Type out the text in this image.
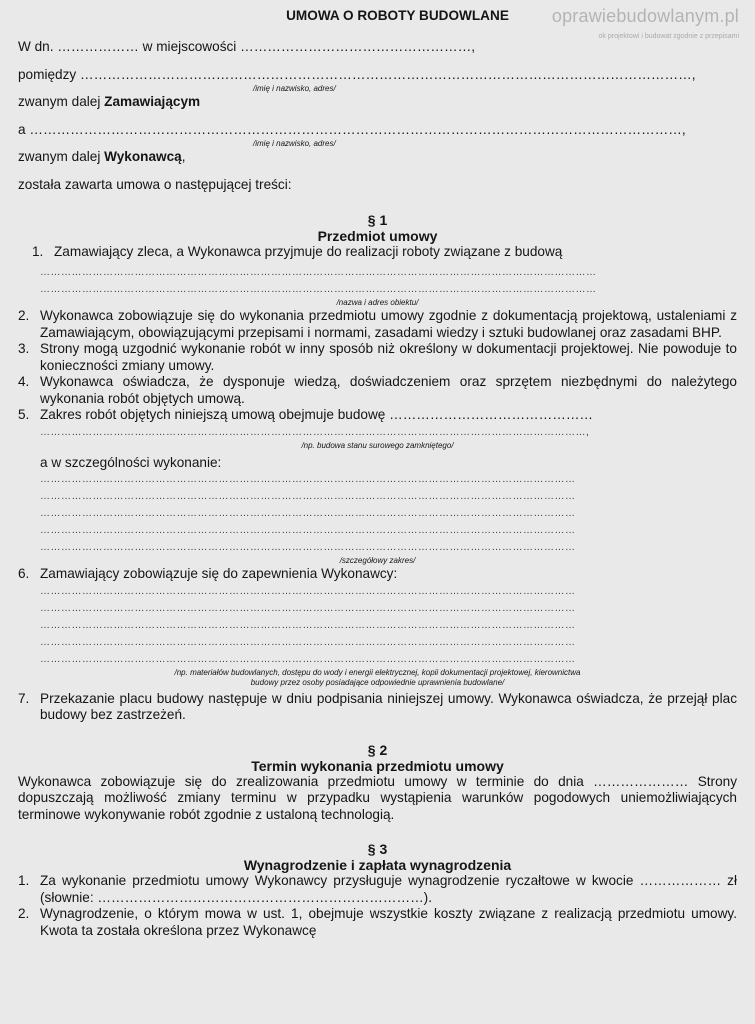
oprawiebudowlanym.pl
ok projektowi i budowat zgodnie z przepisami
UMOWA O ROBOTY BUDOWLANE
W dn. ……………… w miejscowości ……………………………………………,
pomiędzy ………………………………………………………………………………………………………………………,
/imię i nazwisko, adres/
zwanym dalej Zamawiającym
a ………………………………………………………………………………………………………………………………,
/imię i nazwisko, adres/
zwanym dalej Wykonawcą,
została zawarta umowa o następującej treści:
§ 1
Przedmiot umowy
1. Zamawiający zleca, a Wykonawca przyjmuje do realizacji roboty związane z budową
……………………………………………………………………………………………………………………………………………
……………………………………………………………………………………………………………………………………………
/nazwa i adres obiektu/
2. Wykonawca zobowiązuje się do wykonania przedmiotu umowy zgodnie z dokumentacją projektową, ustaleniami z Zamawiającym, obowiązującymi przepisami i normami, zasadami wiedzy i sztuki budowlanej oraz zasadami BHP.
3. Strony mogą uzgodnić wykonanie robót w inny sposób niż określony w dokumentacji projektowej. Nie powoduje to konieczności zmiany umowy.
4. Wykonawca oświadcza, że dysponuje wiedzą, doświadczeniem oraz sprzętem niezbędnymi do należytego wykonania robót objętych umową.
5. Zakres robót objętych niniejszą umową obejmuje budowę ………………………………………
…………………………………………………………………………………………………………………………………………,
/np. budowa stanu surowego zamkniętego/
a w szczególności wykonanie:
………………………………………………………………………………………………………………………………………
………………………………………………………………………………………………………………………………………
………………………………………………………………………………………………………………………………………
………………………………………………………………………………………………………………………………………
………………………………………………………………………………………………………………………………………
/szczegółowy zakres/
6. Zamawiający zobowiązuje się do zapewnienia Wykonawcy:
………………………………………………………………………………………………………………………………………
………………………………………………………………………………………………………………………………………
………………………………………………………………………………………………………………………………………
………………………………………………………………………………………………………………………………………
………………………………………………………………………………………………………………………………………
/np. materiałów budowlanych, dostępu do wody i energii elektrycznej, kopii dokumentacji projektowej, kierownictwa
budowy przez osoby posiadające odpowiednie uprawnienia budowlane/
7. Przekazanie placu budowy następuje w dniu podpisania niniejszej umowy. Wykonawca oświadcza, że przejął plac budowy bez zastrzeżeń.
§ 2
Termin wykonania przedmiotu umowy
Wykonawca zobowiązuje się do zrealizowania przedmiotu umowy w terminie do dnia ………………… Strony dopuszczają możliwość zmiany terminu w przypadku wystąpienia warunków pogodowych uniemożliwiających terminowe wykonywanie robót zgodnie z ustaloną technologią.
§ 3
Wynagrodzenie i zapłata wynagrodzenia
1. Za wykonanie przedmiotu umowy Wykonawcy przysługuje wynagrodzenie ryczałtowe w kwocie ……………… zł (słownie: ………………………………………………………………).
2. Wynagrodzenie, o którym mowa w ust. 1, obejmuje wszystkie koszty związane z realizacją przedmiotu umowy. Kwota ta została określona przez Wykonawcę
